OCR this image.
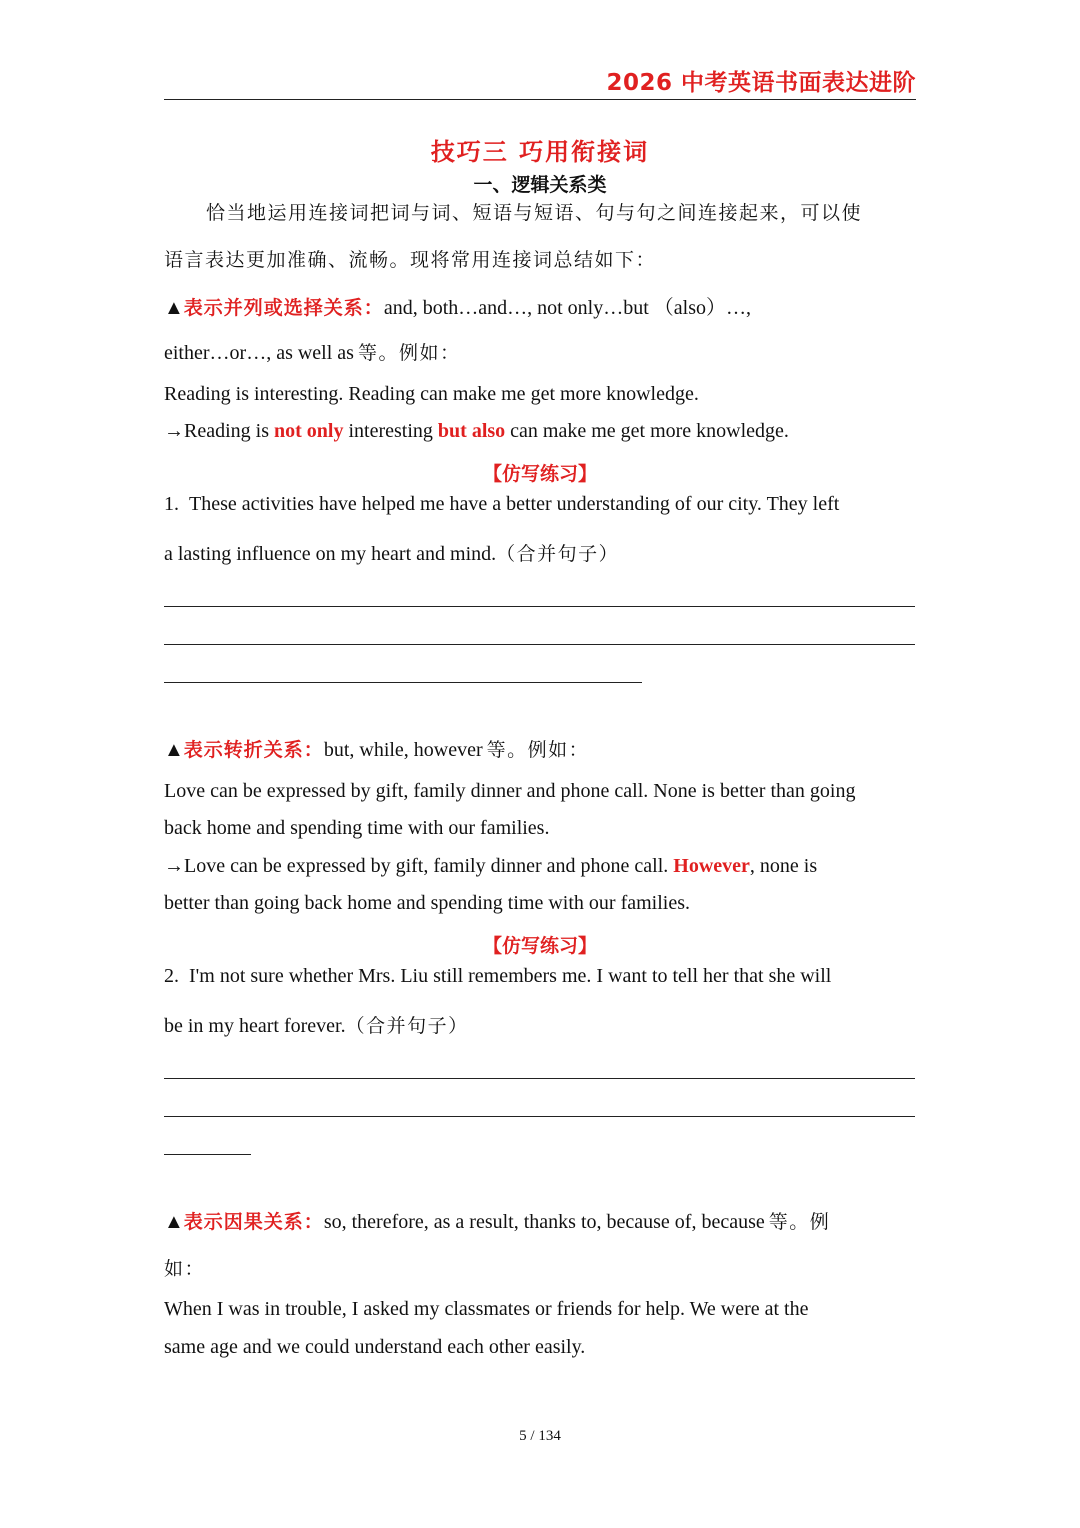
2026 中考英语书面表达进阶
技巧三 巧用衔接词
一、逻辑关系类
恰当地运用连接词把词与词、短语与短语、句与句之间连接起来，可以使
语言表达更加准确、流畅。现将常用连接词总结如下：
▲表示并列或选择关系：and, both…and…, not only…but （also）…,
either…or…, as well as 等。例如：
Reading is interesting. Reading can make me get more knowledge.
→Reading is not only interesting but also can make me get more knowledge.
【仿写练习】
1. These activities have helped me have a better understanding of our city. They left
a lasting influence on my heart and mind.（合并句子）
▲表示转折关系：but, while, however 等。例如：
Love can be expressed by gift, family dinner and phone call. None is better than going
back home and spending time with our families.
→Love can be expressed by gift, family dinner and phone call. However, none is
better than going back home and spending time with our families.
【仿写练习】
2. I'm not sure whether Mrs. Liu still remembers me. I want to tell her that she will
be in my heart forever.（合并句子）
▲表示因果关系：so, therefore, as a result, thanks to, because of, because 等。例
如：
When I was in trouble, I asked my classmates or friends for help. We were at the
same age and we could understand each other easily.
5 / 134
